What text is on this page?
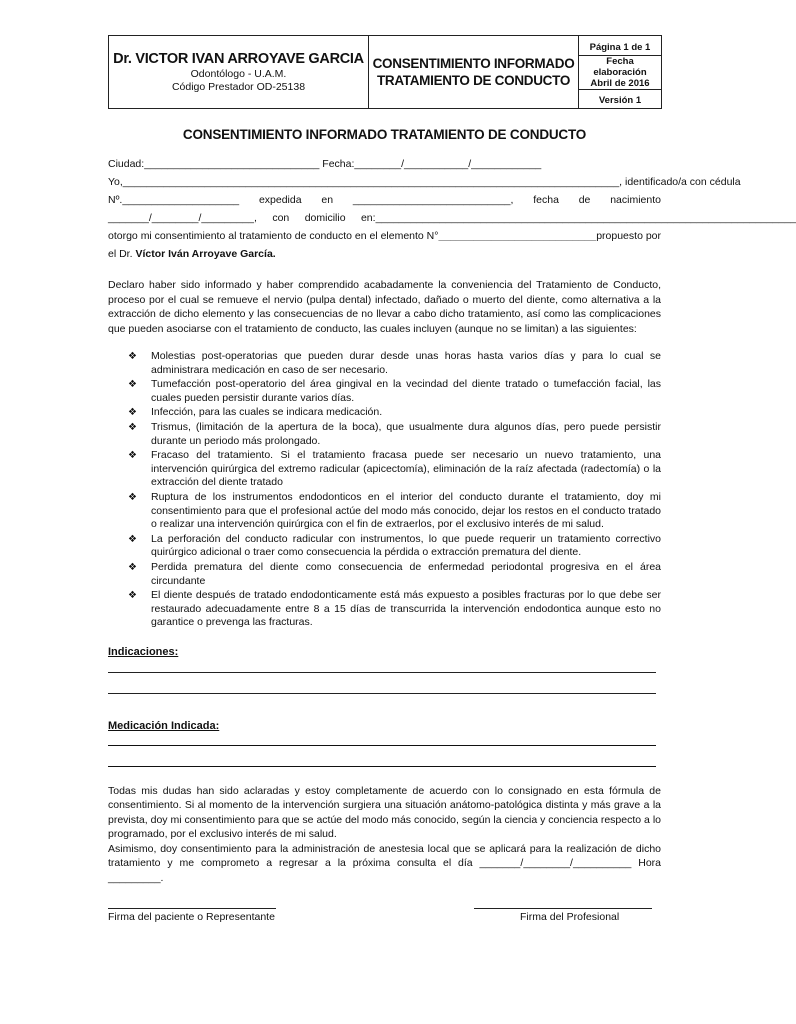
Dr. VICTOR IVAN ARROYAVE GARCIA
Odontólogo - U.A.M.
Código Prestador OD-25138

CONSENTIMIENTO INFORMADO
TRATAMIENTO DE CONDUCTO
	Página 1 de 1

Fecha elaboración
Abril de 2016

Versión 1
CONSENTIMIENTO INFORMADO TRATAMIENTO DE CONDUCTO
Ciudad:______________________________ Fecha:________/___________/____________
Yo,_____________________________________________________________________________________ , identificado/a con cédula
Nº.____________________ expedida en ___________________________, fecha de nacimiento
_______/________/_________, con domicilio en:________________________________________________________________________
otorgo mi consentimiento al tratamiento de conducto en el elemento N° ___________________________ propuesto por
el Dr. Víctor Iván Arroyave García.
Declaro haber sido informado y haber comprendido acabadamente la conveniencia del Tratamiento de Conducto, proceso por el cual se remueve el nervio (pulpa dental) infectado, dañado o muerto del diente, como alternativa a la extracción de dicho elemento y las consecuencias de no llevar a cabo dicho tratamiento, así como las complicaciones que pueden asociarse con el tratamiento de conducto, las cuales incluyen (aunque no se limitan) a las siguientes:
❖ Molestias post-operatorias que pueden durar desde unas horas hasta varios días y para lo cual se administrara medicación en caso de ser necesario.
❖ Tumefacción post-operatorio del área gingival en la vecindad del diente tratado o tumefacción facial, las cuales pueden persistir durante varios días.
❖ Infección, para las cuales se indicara medicación.
❖ Trismus, (limitación de la apertura de la boca), que usualmente dura algunos días, pero puede persistir durante un periodo más prolongado.
❖ Fracaso del tratamiento. Si el tratamiento fracasa puede ser necesario un nuevo tratamiento, una intervención quirúrgica del extremo radicular (apicectomía), eliminación de la raíz afectada (radectomía) o la extracción del diente tratado
❖ Ruptura de los instrumentos endodonticos en el interior del conducto durante el tratamiento, doy mi consentimiento para que el profesional actúe del modo más conocido, dejar los restos en el conducto tratado o realizar una intervención quirúrgica con el fin de extraerlos, por el exclusivo interés de mi salud.
❖ La perforación del conducto radicular con instrumentos, lo que puede requerir un tratamiento correctivo quirúrgico adicional o traer como consecuencia la pérdida o extracción prematura del diente.
❖ Perdida prematura del diente como consecuencia de enfermedad periodontal progresiva en el área circundante
❖ El diente después de tratado endodonticamente está más expuesto a posibles fracturas por lo que debe ser restaurado adecuadamente entre 8 a 15 días de transcurrida la intervención endodontica aunque esto no garantice o prevenga las fracturas.
Indicaciones:
Medicación Indicada:
Todas mis dudas han sido aclaradas y estoy completamente de acuerdo con lo consignado en esta fórmula de consentimiento. Si al momento de la intervención surgiera una situación anátomo-patológica distinta y más grave a la prevista, doy mi consentimiento para que se actúe del modo más conocido, según la ciencia y conciencia respecto a lo programado, por el exclusivo interés de mi salud.
Asimismo, doy consentimiento para la administración de anestesia local que se aplicará para la realización de dicho tratamiento y me comprometo a regresar a la próxima consulta el día _______/________/__________ Hora _________.
Firma del paciente o Representante	Firma del Profesional
